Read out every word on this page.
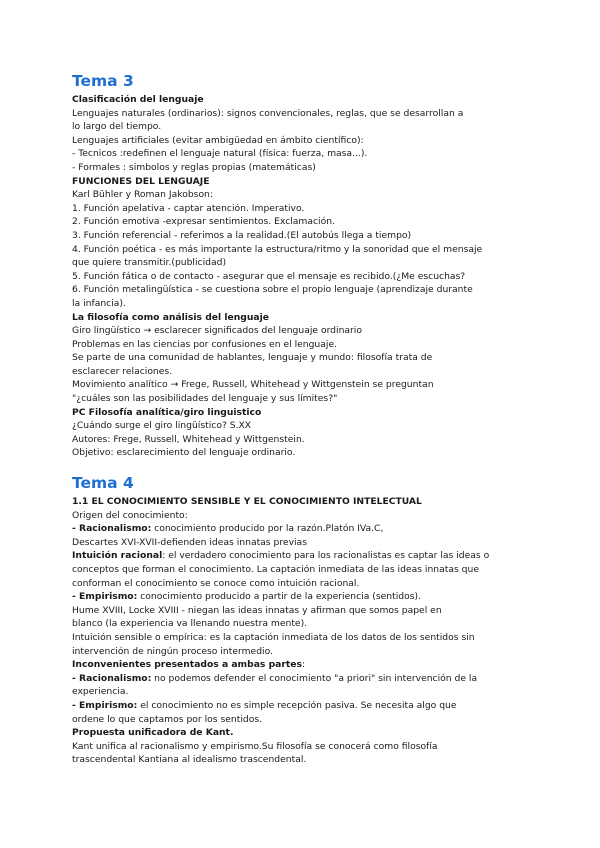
Tema 3

Clasificación del lenguaje

Lenguajes naturales (ordinarios): signos convencionales, reglas, que se desarrollan a

lo largo del tiempo.

Lenguajes artificiales (evitar ambigüedad en ámbito científico):

- Tecnicos :redefinen el lenguaje natural (física: fuerza, masa...).

- Formales : simbolos y reglas propias (matemáticas)

FUNCIONES DEL LENGUAJE

Karl Bühler y Roman Jakobson:

1. Función apelativa - captar atención. Imperativo.

2. Función emotiva -expresar sentimientos. Exclamación.

3. Función referencial - referimos a la realidad.(El autobús llega a tiempo)

4. Función poética - es más importante la estructura/ritmo y la sonoridad que el mensaje

que quiere transmitir.(publicidad)

5. Función fática o de contacto - asegurar que el mensaje es recibido.(¿Me escuchas?

6. Función metalingüística - se cuestiona sobre el propio lenguaje (aprendizaje durante

la infancia).

La filosofía como análisis del lenguaje

Giro lingüístico → esclarecer significados del lenguaje ordinario

Problemas en las ciencias por confusiones en el lenguaje.

Se parte de una comunidad de hablantes, lenguaje y mundo: filosofía trata de

esclarecer relaciones.

Movimiento analítico → Frege, Russell, Whitehead y Wittgenstein se preguntan

"¿cuáles son las posibilidades del lenguaje y sus límites?"

PC Filosofía analítica/giro linguistico

¿Cuándo surge el giro lingüístico? S.XX

Autores: Frege, Russell, Whitehead y Wittgenstein.

Objetivo: esclarecimiento del lenguaje ordinario.

Tema 4

1.1 EL CONOCIMIENTO SENSIBLE Y EL CONOCIMIENTO INTELECTUAL

Origen del conocimiento:

- Racionalismo: conocimiento producido por la razón.Platón IVa.C,

Descartes XVI-XVII-defienden ideas innatas previas

Intuición racional: el verdadero conocimiento para los racionalistas es captar las ideas o

conceptos que forman el conocimiento. La captación inmediata de las ideas innatas que

conforman el conocimiento se conoce como intuición racional.

- Empirismo: conocimiento producido a partir de la experiencia (sentidos).

Hume XVIII, Locke XVIII - niegan las ideas innatas y afirman que somos papel en

blanco (la experiencia va llenando nuestra mente).

Intuición sensible o empírica: es la captación inmediata de los datos de los sentidos sin

intervención de ningún proceso intermedio.

Inconvenientes presentados a ambas partes:

- Racionalismo: no podemos defender el conocimiento "a priori" sin intervención de la

experiencia.

- Empirismo: el conocimiento no es simple recepción pasiva. Se necesita algo que

ordene lo que captamos por los sentidos.

Propuesta unificadora de Kant.

Kant unifica al racionalismo y empirismo.Su filosofía se conocerá como filosofía

trascendental Kantiana al idealismo trascendental.
